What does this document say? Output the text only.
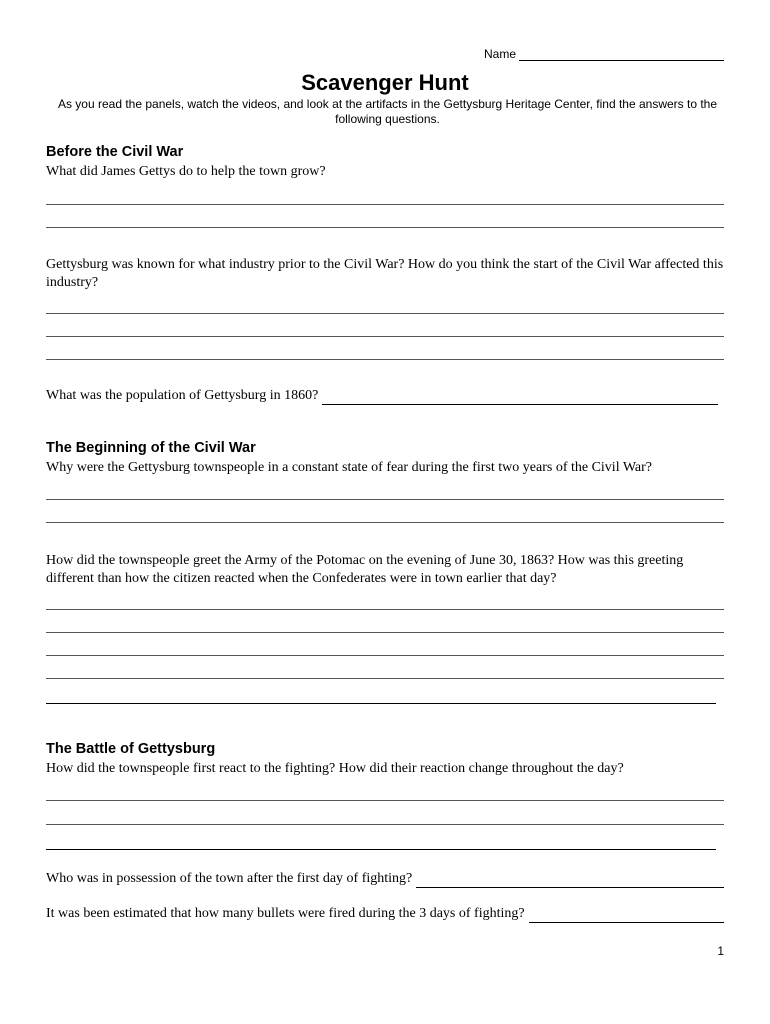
Name
Scavenger Hunt

As you read the panels, watch the videos, and look at the artifacts in the Gettysburg Heritage Center, find the answers to the following questions.

Before the Civil War
What did James Gettys do to help the town grow?
Gettysburg was known for what industry prior to the Civil War? How do you think the start of the Civil War affected this industry?
What was the population of Gettysburg in 1860?
The Beginning of the Civil War
Why were the Gettysburg townspeople in a constant state of fear during the first two years of the Civil War?
How did the townspeople greet the Army of the Potomac on the evening of June 30, 1863? How was this greeting different than how the citizen reacted when the Confederates were in town earlier that day?
The Battle of Gettysburg
How did the townspeople first react to the fighting? How did their reaction change throughout the day?
Who was in possession of the town after the first day of fighting?
It was been estimated that how many bullets were fired during the 3 days of fighting?
1
